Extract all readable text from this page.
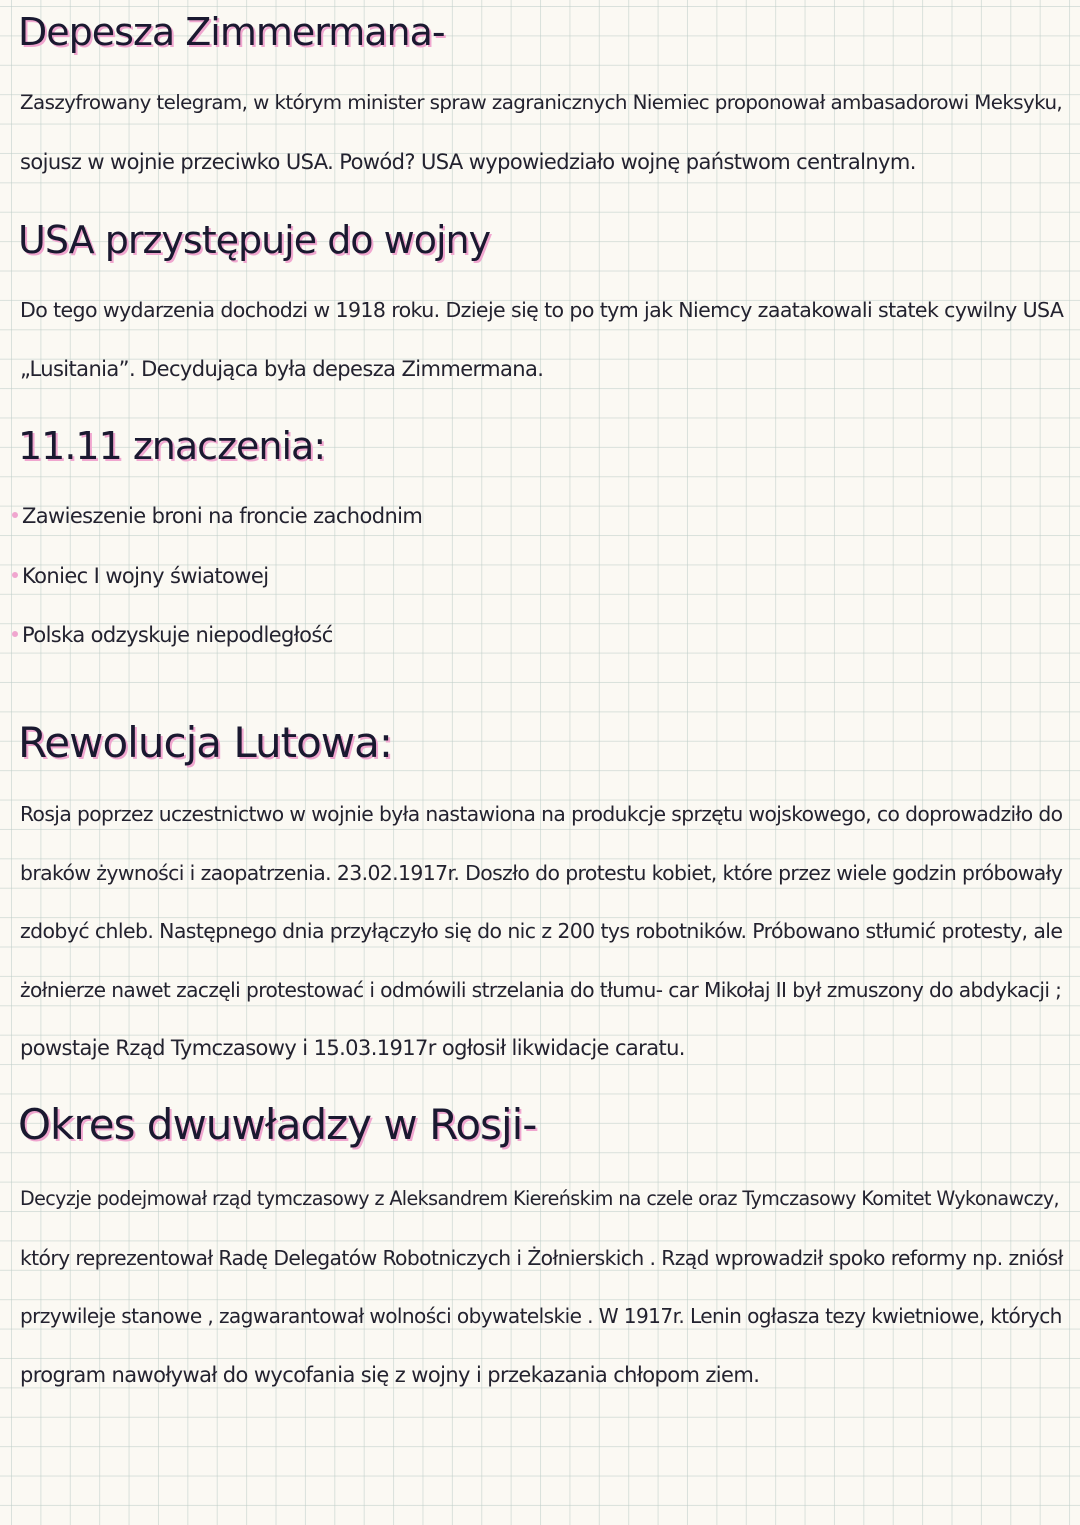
Depesza Zimmermana-

Zaszyfrowany telegram, w którym minister spraw zagranicznych Niemiec proponował ambasadorowi Meksyku,
sojusz w wojnie przeciwko USA. Powód? USA wypowiedziało wojnę państwom centralnym.

USA przystępuje do wojny

Do tego wydarzenia dochodzi w 1918 roku. Dzieje się to po tym jak Niemcy zaatakowali statek cywilny USA
„Lusitania”. Decydująca była depesza Zimmermana.

11.11 znaczenia:
Zawieszenie broni na froncie zachodnim
Koniec I wojny światowej
Polska odzyskuje niepodległość
Rewolucja Lutowa:

Rosja poprzez uczestnictwo w wojnie była nastawiona na produkcje sprzętu wojskowego, co doprowadziło do
braków żywności i zaopatrzenia. 23.02.1917r. Doszło do protestu kobiet, które przez wiele godzin próbowały
zdobyć chleb. Następnego dnia przyłączyło się do nic z 200 tys robotników. Próbowano stłumić protesty, ale
żołnierze nawet zaczęli protestować i odmówili strzelania do tłumu- car Mikołaj II był zmuszony do abdykacji ;
powstaje Rząd Tymczasowy i 15.03.1917r ogłosił likwidacje caratu.

Okres dwuwładzy w Rosji-

Decyzje podejmował rząd tymczasowy z Aleksandrem Kiereńskim na czele oraz Tymczasowy Komitet Wykonawczy,
który reprezentował Radę Delegatów Robotniczych i Żołnierskich . Rząd wprowadził spoko reformy np. zniósł
przywileje stanowe , zagwarantował wolności obywatelskie . W 1917r. Lenin ogłasza tezy kwietniowe, których
program nawoływał do wycofania się z wojny i przekazania chłopom ziem.
